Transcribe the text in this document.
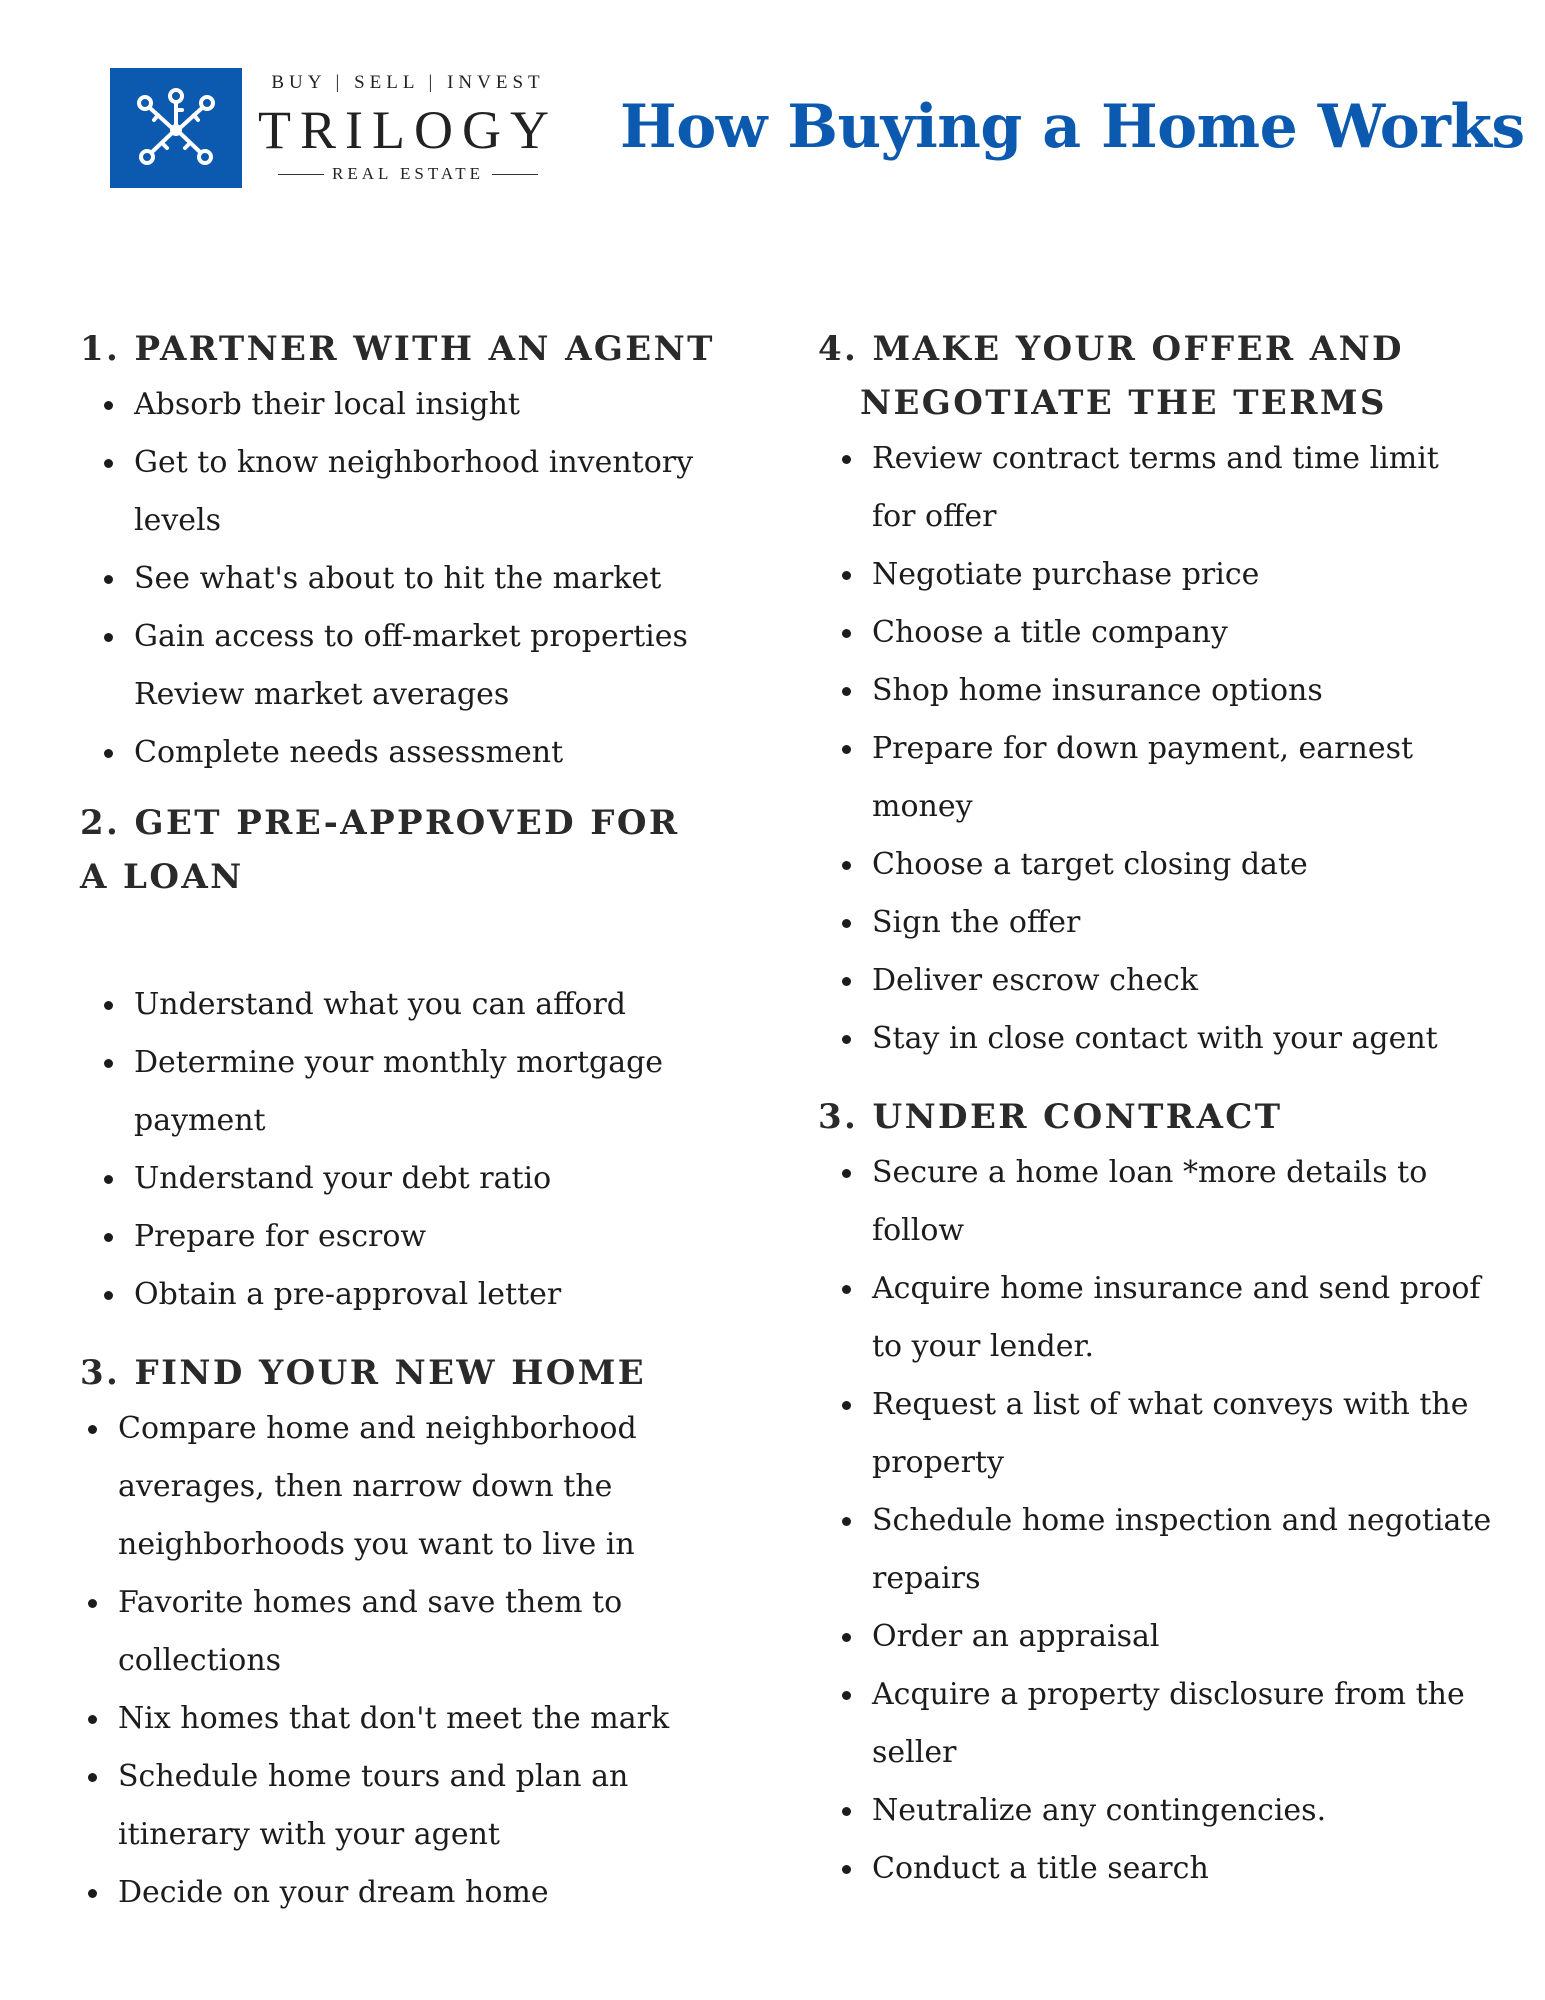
BUY | SELL | INVEST
TRILOGY
REAL ESTATE
How Buying a Home Works
1. PARTNER WITH AN AGENT
Absorb their local insight
Get to know neighborhood inventory
levels
See what's about to hit the market
Gain access to off-market properties
Review market averages
Complete needs assessment
2. GET PRE-APPROVED FOR
A LOAN
Understand what you can afford
Determine your monthly mortgage
payment
Understand your debt ratio
Prepare for escrow
Obtain a pre-approval letter
3. FIND YOUR NEW HOME
Compare home and neighborhood
averages, then narrow down the
neighborhoods you want to live in
Favorite homes and save them to
collections
Nix homes that don't meet the mark
Schedule home tours and plan an
itinerary with your agent
Decide on your dream home
4. MAKE YOUR OFFER AND
NEGOTIATE THE TERMS
Review contract terms and time limit
for offer
Negotiate purchase price
Choose a title company
Shop home insurance options
Prepare for down payment, earnest
money
Choose a target closing date
Sign the offer
Deliver escrow check
Stay in close contact with your agent
3. UNDER CONTRACT
Secure a home loan *more details to
follow
Acquire home insurance and send proof
to your lender.
Request a list of what conveys with the
property
Schedule home inspection and negotiate
repairs
Order an appraisal
Acquire a property disclosure from the
seller
Neutralize any contingencies.
Conduct a title search
